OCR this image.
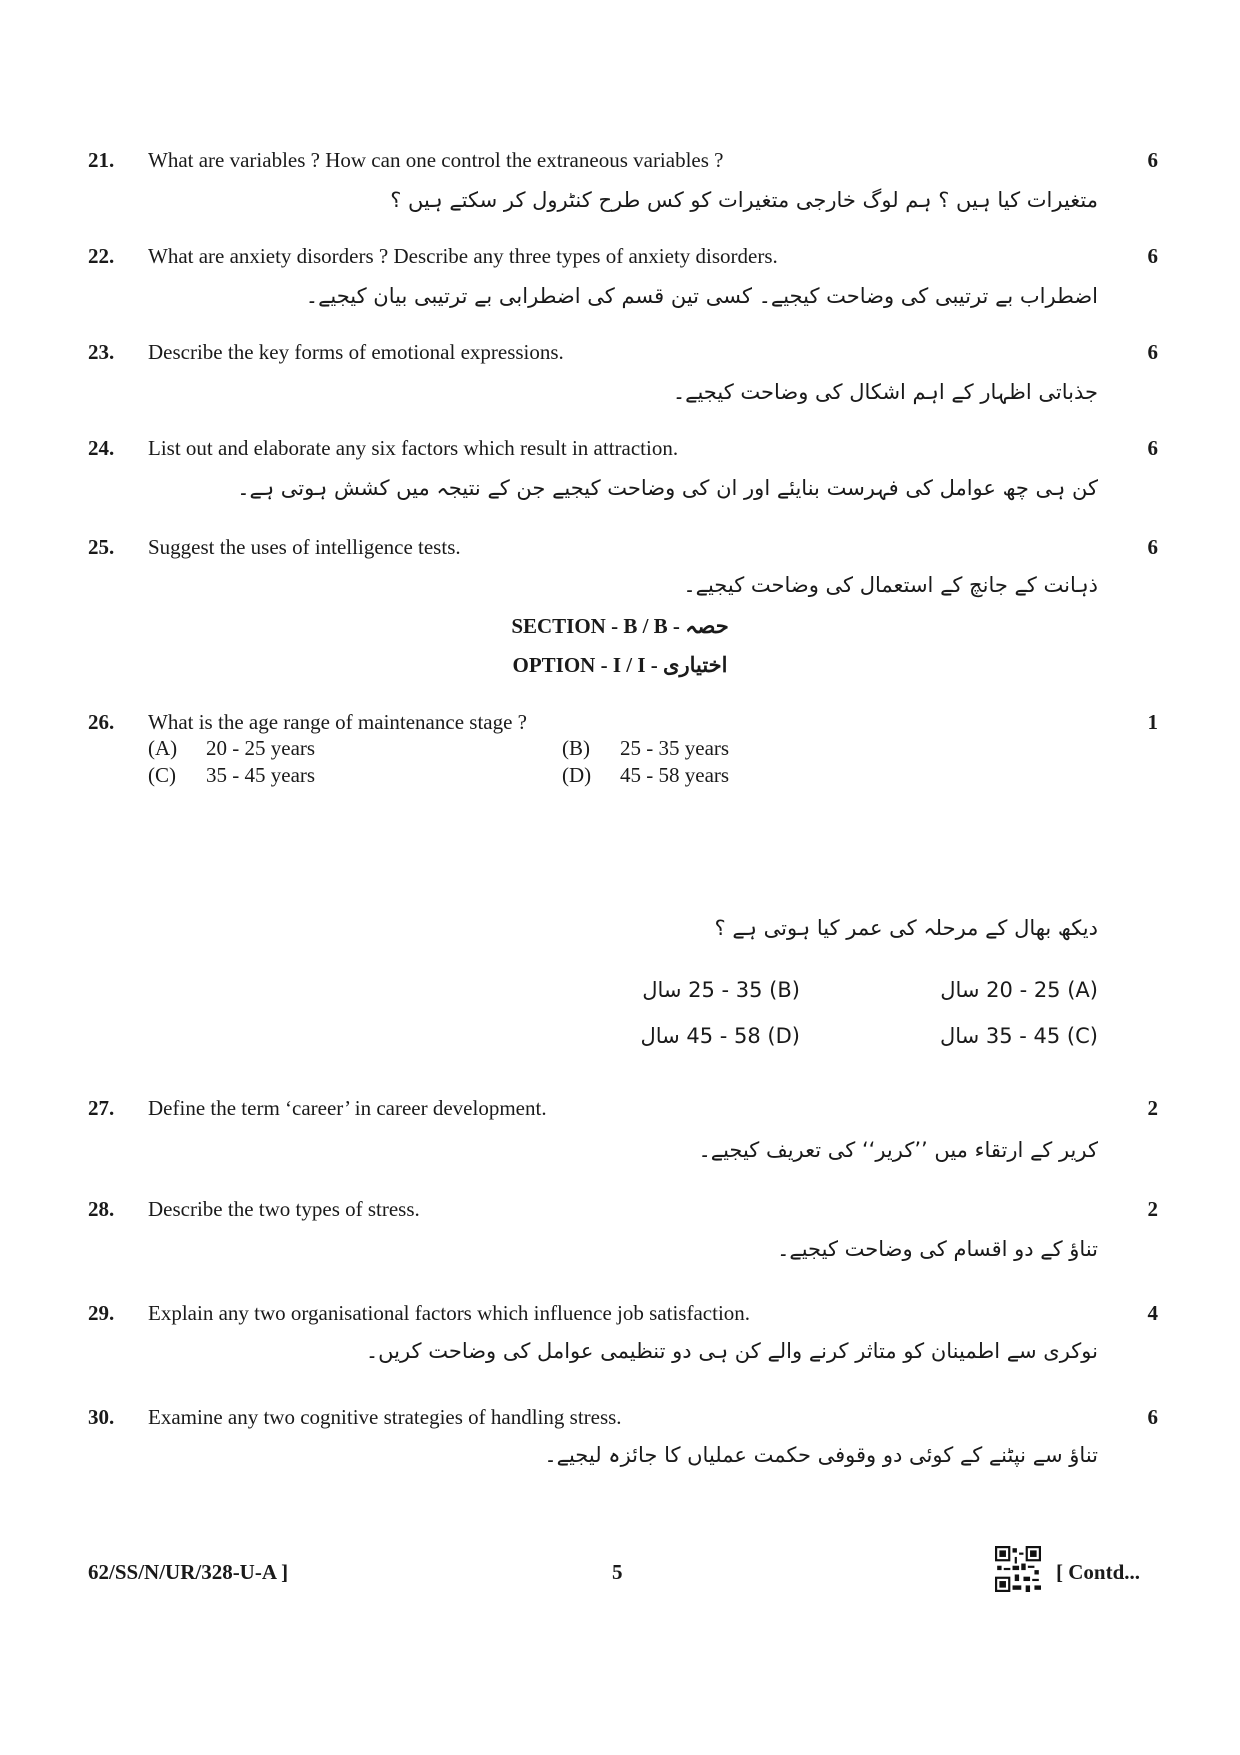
21. What are variables ? How can one control the extraneous variables ?	6
متغیرات کیا ہیں ؟ ہم لوگ خارجی متغیرات کو کس طرح کنٹرول کر سکتے ہیں ؟
22. What are anxiety disorders ? Describe any three types of anxiety disorders.	6
اضطراب بے ترتیبی کی وضاحت کیجیے۔ کسی تین قسم کی اضطرابی بے ترتیبی بیان کیجیے۔
23. Describe the key forms of emotional expressions.	6
جذباتی اظہار کے اہم اشکال کی وضاحت کیجیے۔
24. List out and elaborate any six factors which result in attraction.	6
کن ہی چھ عوامل کی فہرست بنایئے اور ان کی وضاحت کیجیے جن کے نتیجہ میں کشش ہوتی ہے۔
25. Suggest the uses of intelligence tests.	6
ذہانت کے جانچ کے استعمال کی وضاحت کیجیے۔
SECTION - B / B - حصہ
OPTION - I / I - اختیاری
26. What is the age range of maintenance stage ?	1
(A) 20 - 25 years	(B) 25 - 35 years
(C) 35 - 45 years	(D) 45 - 58 years
دیکھ بھال کے مرحلہ کی عمر کیا ہوتی ہے ؟
(A) 20 - 25 سال
(B) 25 - 35 سال
(C) 35 - 45 سال
(D) 45 - 58 سال
27. Define the term ‘career’ in career development.	2
کریر کے ارتقاء میں ’’کریر‘‘ کی تعریف کیجیے۔
28. Describe the two types of stress.	2
تناؤ کے دو اقسام کی وضاحت کیجیے۔
29. Explain any two organisational factors which influence job satisfaction.	4
نوکری سے اطمینان کو متاثر کرنے والے کن ہی دو تنظیمی عوامل کی وضاحت کریں۔
30. Examine any two cognitive strategies of handling stress.	6
تناؤ سے نپٹنے کے کوئی دو وقوفی حکمت عملیاں کا جائزہ لیجیے۔
62/SS/N/UR/328-U-A ]	5	[ Contd...
